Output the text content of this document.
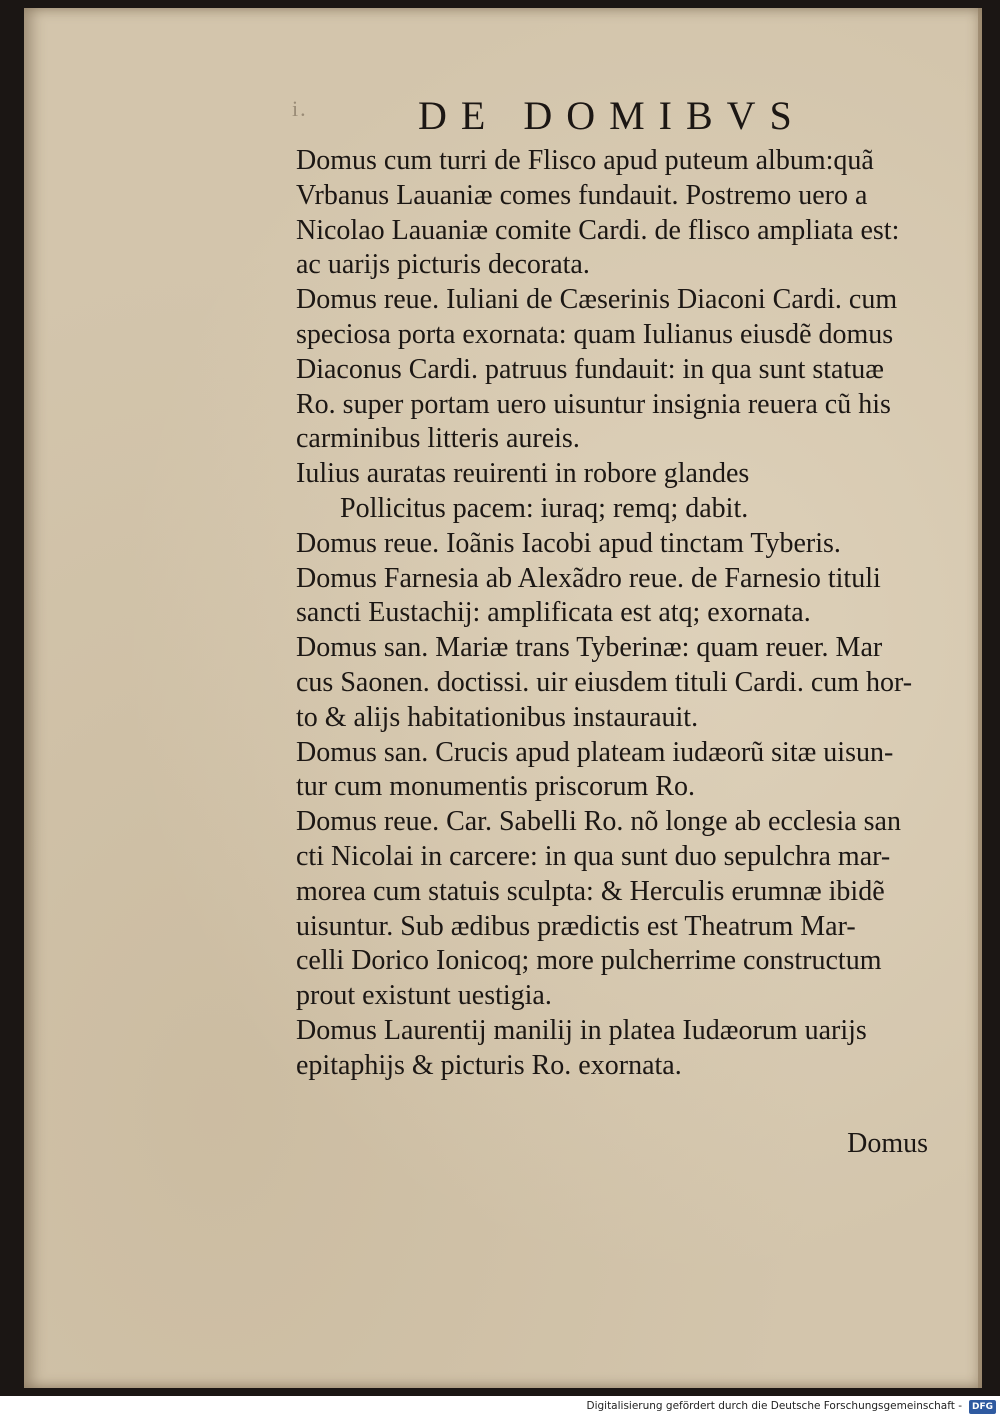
i.	DE DOMIBVS
Domus cum turri de Flisco apud puteum album:quã
Vrbanus Lauaniæ comes fundauit. Postremo uero a
Nicolao Lauaniæ comite Cardi. de flisco ampliata est:
ac uarijs picturis decorata.
Domus reue. Iuliani de Cæserinis Diaconi Cardi. cum
speciosa porta exornata: quam Iulianus eiusdẽ domus
Diaconus Cardi. patruus fundauit: in qua sunt statuæ
Ro. super portam uero uisuntur insignia reuera cũ his
carminibus litteris aureis.
Iulius auratas reuirenti in robore glandes
Pollicitus pacem: iuraq; remq; dabit.
Domus reue. Ioãnis Iacobi apud tinctam Tyberis.
Domus Farnesia ab Alexãdro reue. de Farnesio tituli
sancti Eustachij: amplificata est atq; exornata.
Domus san. Mariæ trans Tyberinæ: quam reuer. Mar
cus Saonen. doctissi. uir eiusdem tituli Cardi. cum hor-
to & alijs habitationibus instaurauit.
Domus san. Crucis apud plateam iudæorũ sitæ uisun-
tur cum monumentis priscorum Ro.
Domus reue. Car. Sabelli Ro. nõ longe ab ecclesia san
cti Nicolai in carcere: in qua sunt duo sepulchra mar-
morea cum statuis sculpta: & Herculis erumnæ ibidẽ
uisuntur. Sub ædibus prædictis est Theatrum Mar-
celli Dorico Ionicoq; more pulcherrime constructum
prout existunt uestigia.
Domus Laurentij manilij in platea Iudæorum uarijs
epitaphijs & picturis Ro. exornata.
Domus
Digitalisierung gefördert durch die Deutsche Forschungsgemeinschaft -	DFG
